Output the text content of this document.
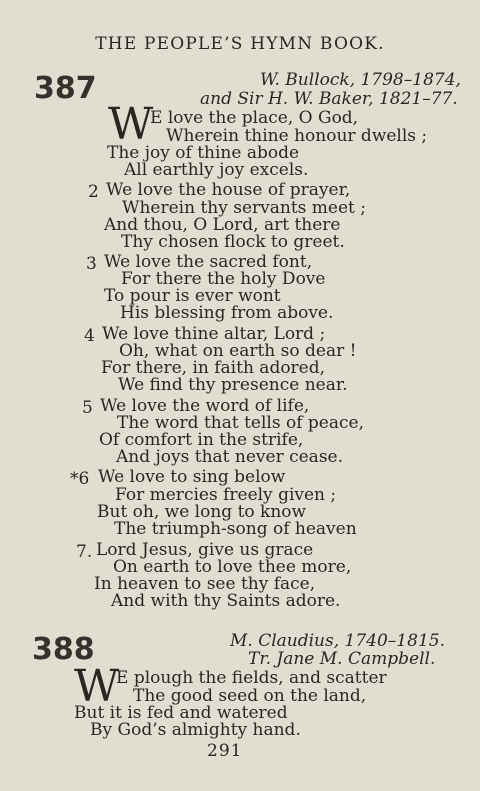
THE PEOPLE’S HYMN BOOK.
387	W. Bullock, 1798–1874,
and Sir H. W. Baker, 1821–77.
W
E love the place, O God,
Wherein thine honour dwells ;
The joy of thine abode
All earthly joy excels.
2 We love the house of prayer,
Wherein thy servants meet ;
And thou, O Lord, art there
Thy chosen flock to greet.
3 We love the sacred font,
For there the holy Dove
To pour is ever wont
His blessing from above.
4 We love thine altar, Lord ;
Oh, what on earth so dear !
For there, in faith adored,
We find thy presence near.
5 We love the word of life,
The word that tells of peace,
Of comfort in the strife,
And joys that never cease.
*6 We love to sing below
For mercies freely given ;
But oh, we long to know
The triumph-song of heaven
7. Lord Jesus, give us grace
On earth to love thee more,
In heaven to see thy face,
And with thy Saints adore.
388	M. Claudius, 1740–1815.
Tr. Jane M. Campbell.
W
E plough the fields, and scatter
The good seed on the land,
But it is fed and watered
By God’s almighty hand.
291
